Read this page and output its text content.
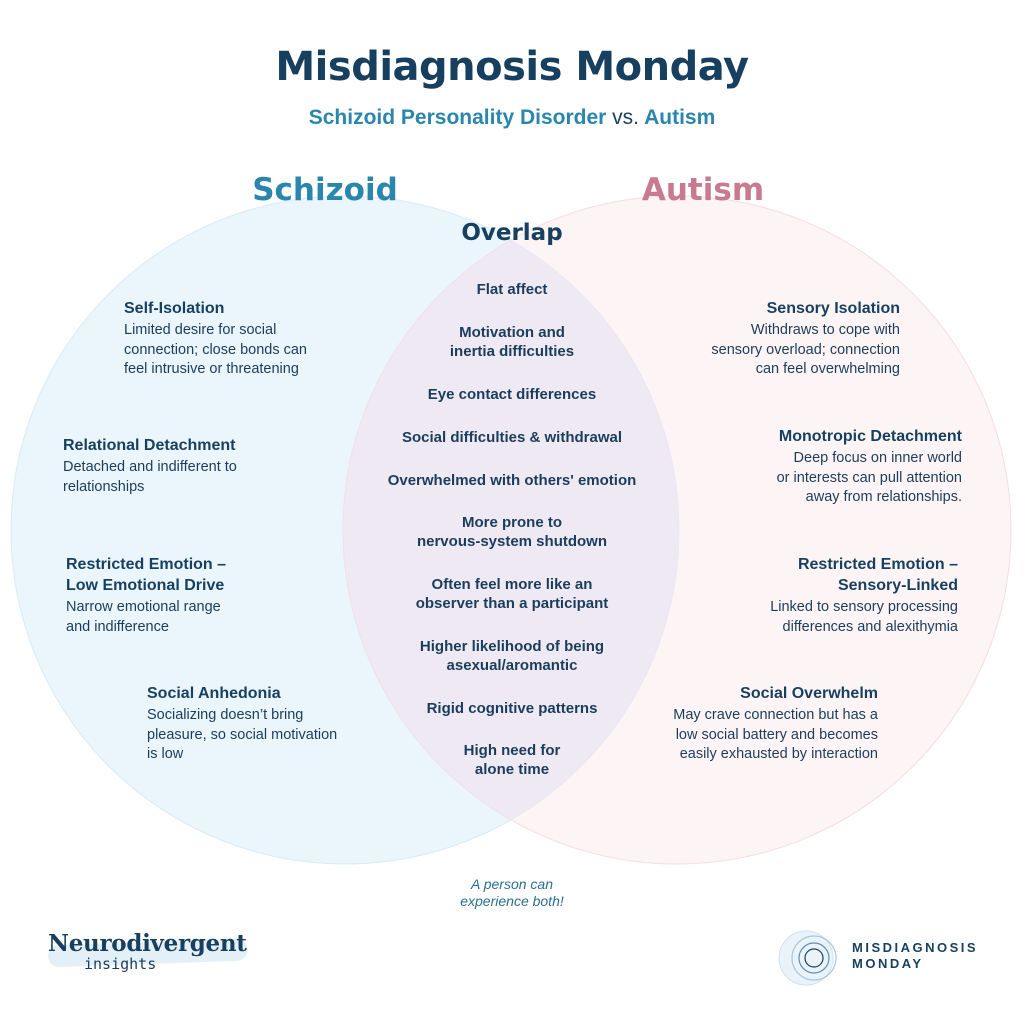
Misdiagnosis Monday
Schizoid Personality Disorder vs. Autism
Schizoid	Autism
Overlap
Flat affect
Motivation and
inertia difficulties
Eye contact differences
Social difficulties & withdrawal
Overwhelmed with others' emotion
More prone to
nervous-system shutdown
Often feel more like an
observer than a participant
Higher likelihood of being
asexual/aromantic
Rigid cognitive patterns
High need for
alone time
Self-Isolation

Limited desire for social
connection; close bonds can
feel intrusive or threatening

Relational Detachment

Detached and indifferent to
relationships

Restricted Emotion –
Low Emotional Drive

Narrow emotional range
and indifference

Social Anhedonia

Socializing doesn’t bring
pleasure, so social motivation
is low

Sensory Isolation

Withdraws to cope with
sensory overload; connection
can feel overwhelming

Monotropic Detachment

Deep focus on inner world
or interests can pull attention
away from relationships.

Restricted Emotion –
Sensory-Linked

Linked to sensory processing
differences and alexithymia

Social Overwhelm

May crave connection but has a
low social battery and becomes
easily exhausted by interaction

A person can
experience both!
Neurodivergent
insights
MISDIAGNOSIS
MONDAY
